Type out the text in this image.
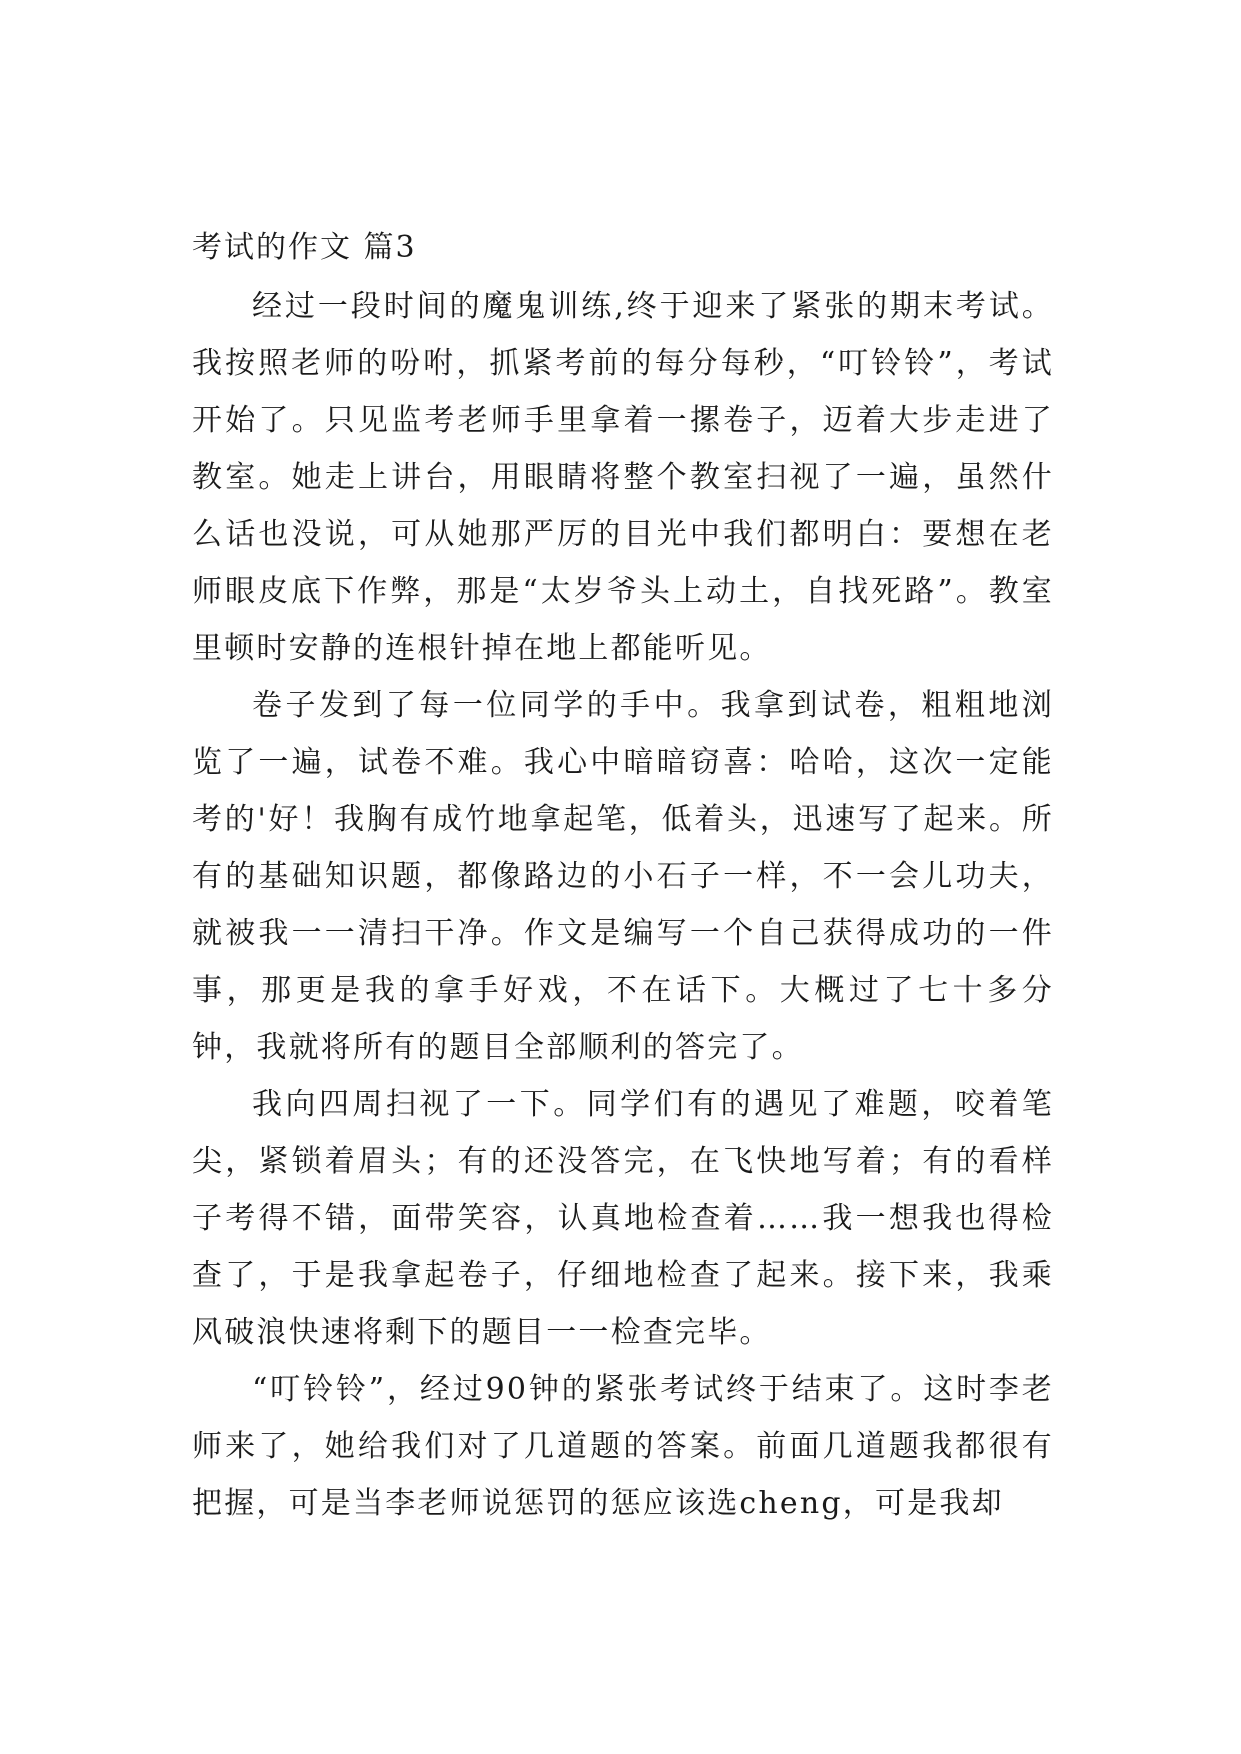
考试的作文 篇3

经过一段时间的魔鬼训练,终于迎来了紧张的期末考试。我按照老师的吩咐，抓紧考前的每分每秒，“叮铃铃”，考试开始了。只见监考老师手里拿着一摞卷子，迈着大步走进了教室。她走上讲台，用眼睛将整个教室扫视了一遍，虽然什么话也没说，可从她那严厉的目光中我们都明白：要想在老师眼皮底下作弊，那是“太岁爷头上动土，自找死路”。教室里顿时安静的连根针掉在地上都能听见。

卷子发到了每一位同学的手中。我拿到试卷，粗粗地浏览了一遍，试卷不难。我心中暗暗窃喜：哈哈，这次一定能考的'好！我胸有成竹地拿起笔，低着头，迅速写了起来。所有的基础知识题，都像路边的小石子一样，不一会儿功夫，就被我一一清扫干净。作文是编写一个自己获得成功的一件事，那更是我的拿手好戏，不在话下。大概过了七十多分钟，我就将所有的题目全部顺利的答完了。

我向四周扫视了一下。同学们有的遇见了难题，咬着笔尖，紧锁着眉头；有的还没答完，在飞快地写着；有的看样子考得不错，面带笑容，认真地检查着……我一想我也得检查了，于是我拿起卷子，仔细地检查了起来。接下来，我乘风破浪快速将剩下的题目一一检查完毕。

“叮铃铃”，经过90钟的紧张考试终于结束了。这时李老师来了，她给我们对了几道题的答案。前面几道题我都很有把握，可是当李老师说惩罚的惩应该选cheng，可是我却
